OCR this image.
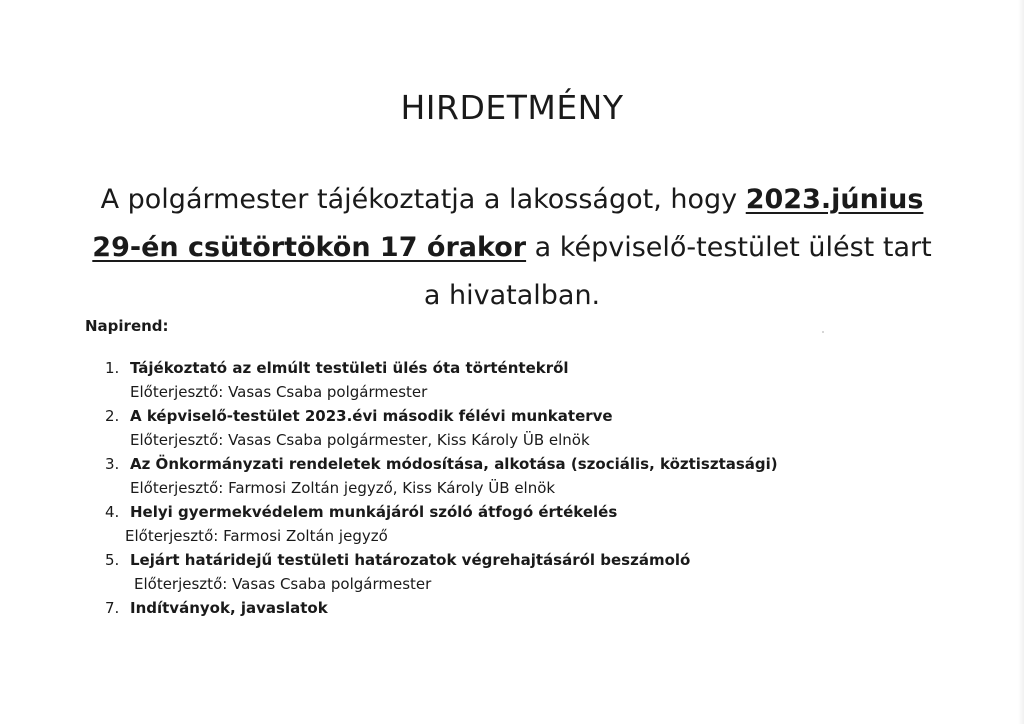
HIRDETMÉNY
A polgármester tájékoztatja a lakosságot, hogy 2023.június 29-én csütörtökön 17 órakor a képviselő-testület ülést tart a hivatalban.
Napirend:
1. Tájékoztató az elmúlt testületi ülés óta történtekről
Előterjesztő: Vasas Csaba polgármester
2. A képviselő-testület 2023.évi második félévi munkaterve
Előterjesztő: Vasas Csaba polgármester, Kiss Károly ÜB elnök
3. Az Önkormányzati rendeletek módosítása, alkotása (szociális, köztisztasági)
Előterjesztő: Farmosi Zoltán jegyző, Kiss Károly ÜB elnök
4. Helyi gyermekvédelem munkájáról szóló átfogó értékelés
Előterjesztő: Farmosi Zoltán jegyző
5. Lejárt határidejű testületi határozatok végrehajtásáról beszámoló
Előterjesztő: Vasas Csaba polgármester
7. Indítványok, javaslatok
